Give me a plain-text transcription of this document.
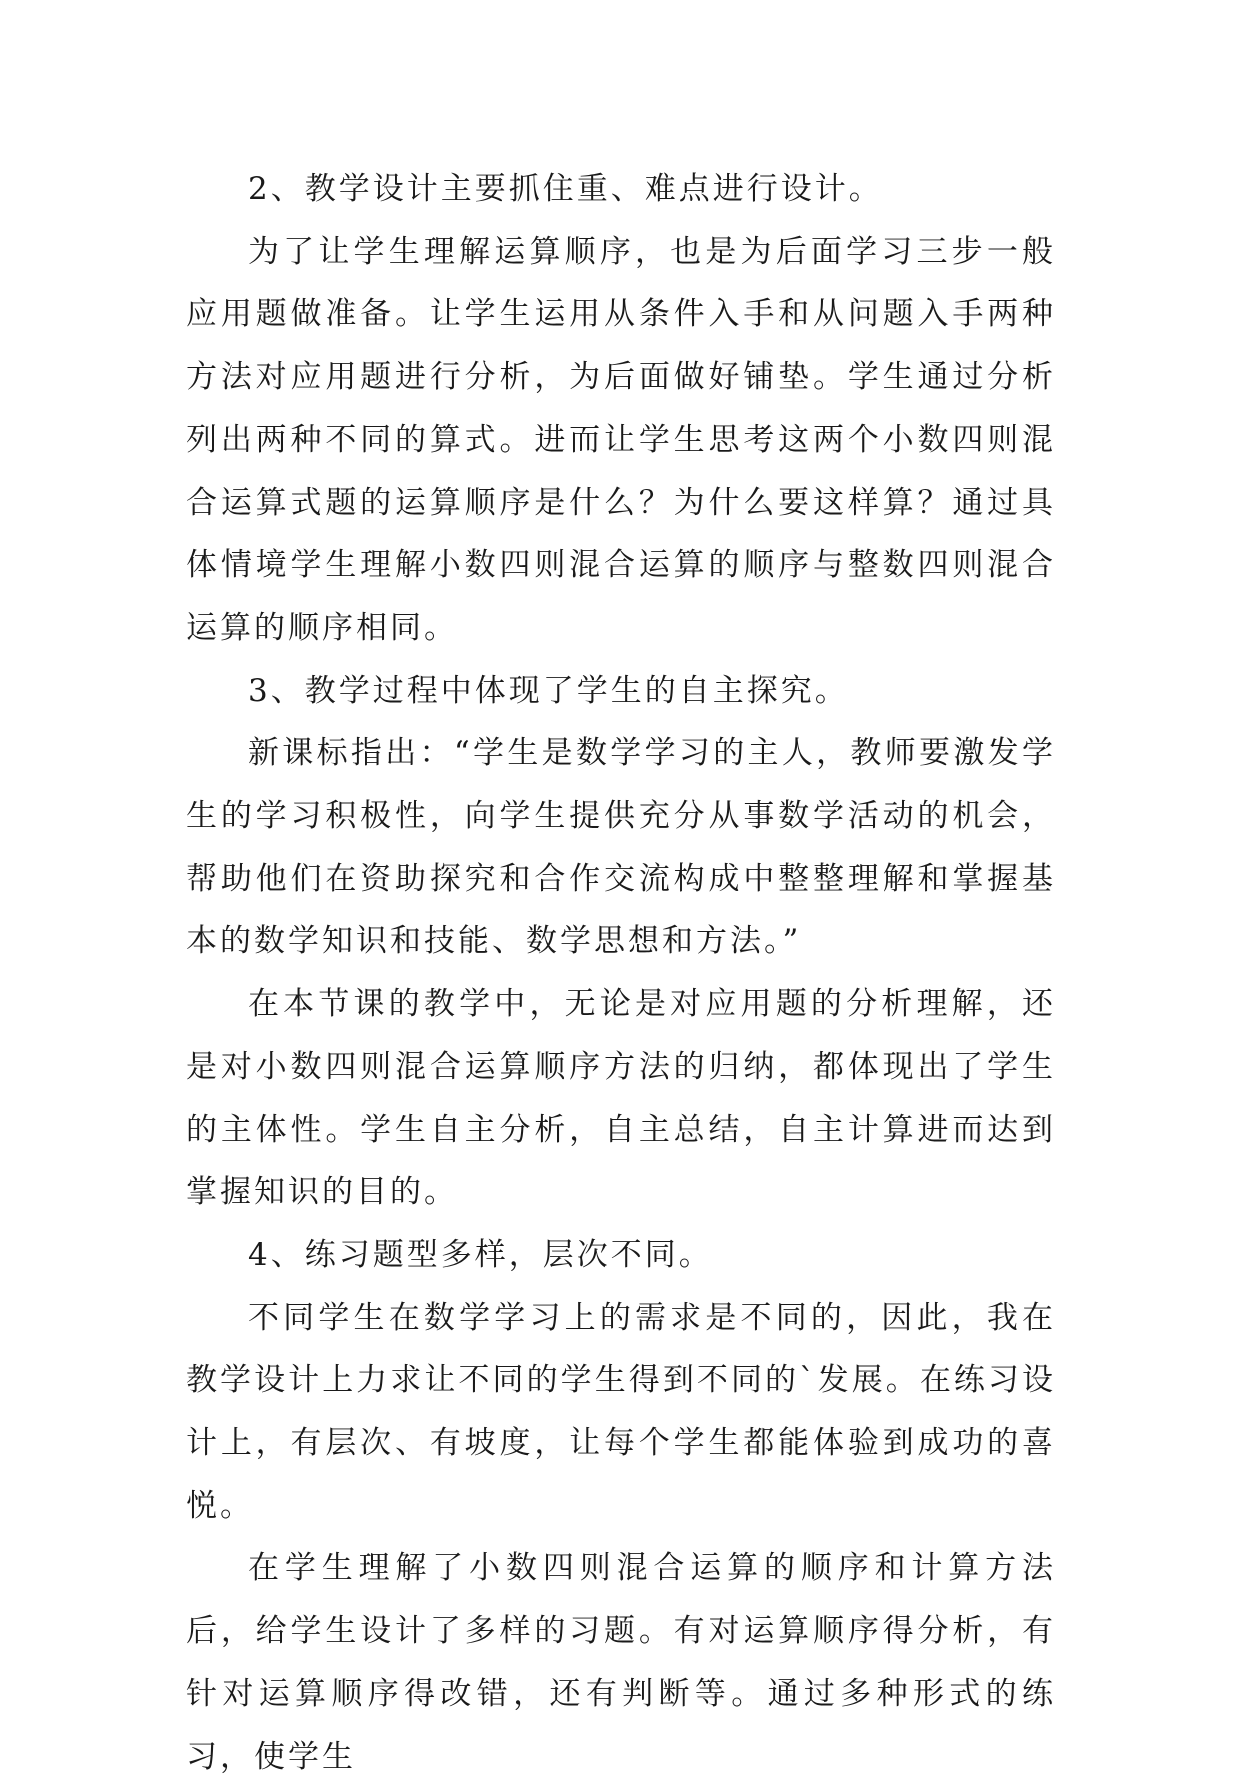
2、教学设计主要抓住重、难点进行设计。

为了让学生理解运算顺序，也是为后面学习三步一般应用题做准备。让学生运用从条件入手和从问题入手两种方法对应用题进行分析，为后面做好铺垫。学生通过分析列出两种不同的算式。进而让学生思考这两个小数四则混合运算式题的运算顺序是什么？为什么要这样算？通过具体情境学生理解小数四则混合运算的顺序与整数四则混合运算的顺序相同。

3、教学过程中体现了学生的自主探究。

新课标指出：“学生是数学学习的主人，教师要激发学生的学习积极性，向学生提供充分从事数学活动的机会，帮助他们在资助探究和合作交流构成中整整理解和掌握基本的数学知识和技能、数学思想和方法。”

在本节课的教学中，无论是对应用题的分析理解，还是对小数四则混合运算顺序方法的归纳，都体现出了学生的主体性。学生自主分析，自主总结，自主计算进而达到掌握知识的目的。

4、练习题型多样，层次不同。

不同学生在数学学习上的需求是不同的，因此，我在教学设计上力求让不同的学生得到不同的`发展。在练习设计上，有层次、有坡度，让每个学生都能体验到成功的喜悦。

在学生理解了小数四则混合运算的顺序和计算方法后，给学生设计了多样的习题。有对运算顺序得分析，有针对运算顺序得改错，还有判断等。通过多种形式的练习，使学生
